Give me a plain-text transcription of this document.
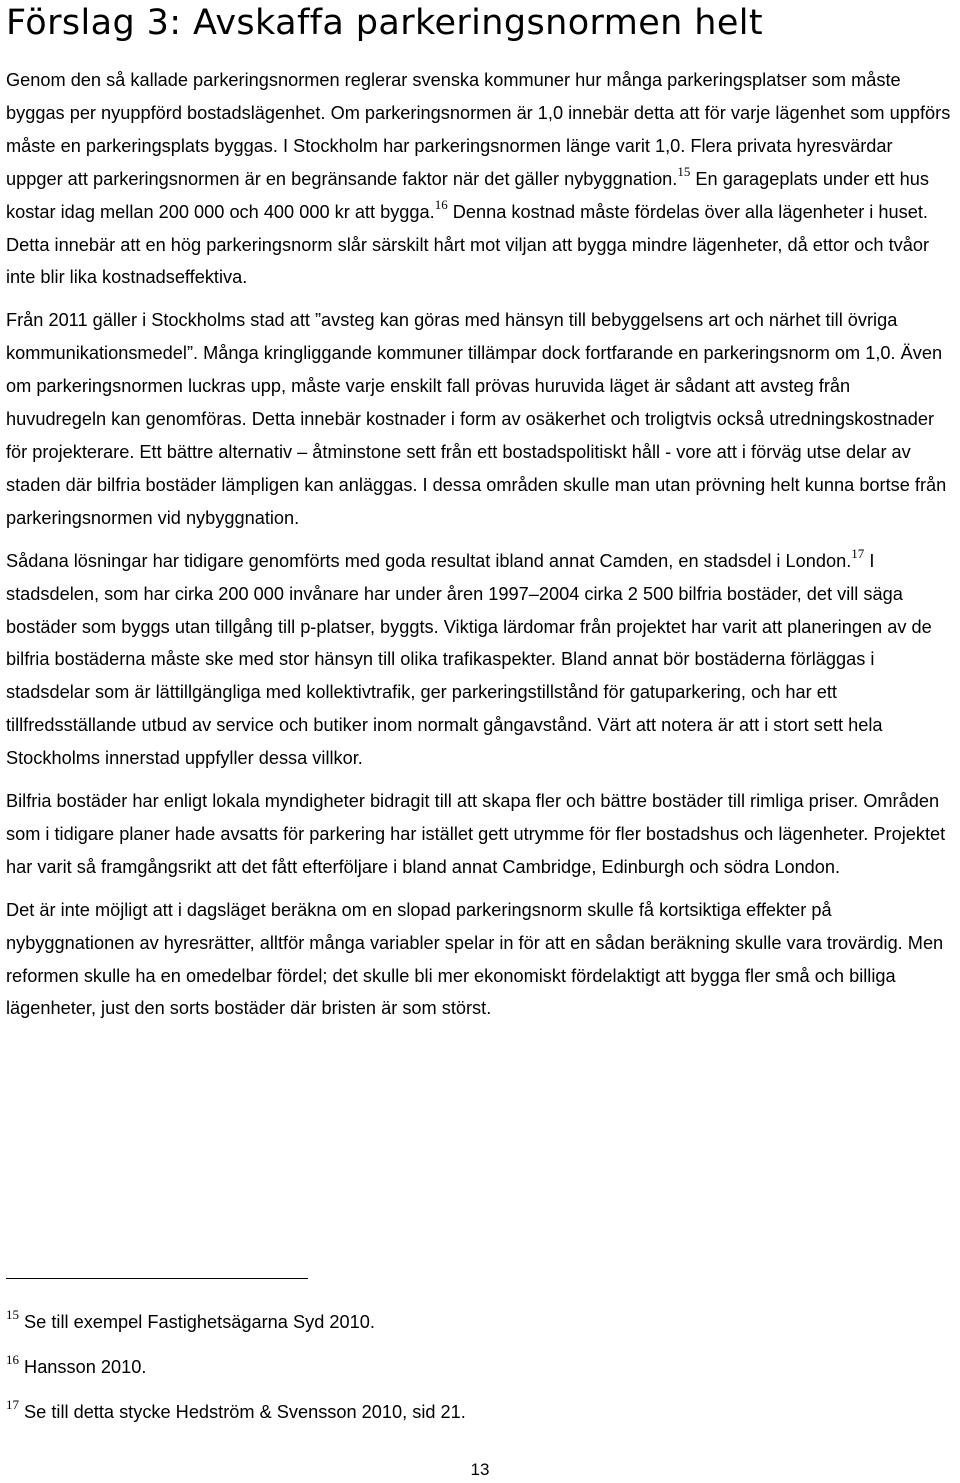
Förslag 3: Avskaffa parkeringsnormen helt

Genom den så kallade parkeringsnormen reglerar svenska kommuner hur många parkeringsplatser som måste byggas per nyuppförd bostadslägenhet. Om parkeringsnormen är 1,0 innebär detta att för varje lägenhet som uppförs måste en parkeringsplats byggas. I Stockholm har parkeringsnormen länge varit 1,0. Flera privata hyresvärdar uppger att parkeringsnormen är en begränsande faktor när det gäller nybyggnation.$^{15}$ En garageplats under ett hus kostar idag mellan 200 000 och 400 000 kr att bygga.$^{16}$ Denna kostnad måste fördelas över alla lägenheter i huset. Detta innebär att en hög parkeringsnorm slår särskilt hårt mot viljan att bygga mindre lägenheter, då ettor och tvåor inte blir lika kostnadseffektiva.

Från 2011 gäller i Stockholms stad att ”avsteg kan göras med hänsyn till bebyggelsens art och närhet till övriga kommunikationsmedel”. Många kringliggande kommuner tillämpar dock fortfarande en parkeringsnorm om 1,0. Även om parkeringsnormen luckras upp, måste varje enskilt fall prövas huruvida läget är sådant att avsteg från huvudregeln kan genomföras. Detta innebär kostnader i form av osäkerhet och troligtvis också utredningskostnader för projekterare. Ett bättre alternativ – åtminstone sett från ett bostadspolitiskt håll - vore att i förväg utse delar av staden där bilfria bostäder lämpligen kan anläggas. I dessa områden skulle man utan prövning helt kunna bortse från parkeringsnormen vid nybyggnation.

Sådana lösningar har tidigare genomförts med goda resultat ibland annat Camden, en stadsdel i London.$^{17}$ I stadsdelen, som har cirka 200 000 invånare har under åren 1997–2004 cirka 2 500 bilfria bostäder, det vill säga bostäder som byggs utan tillgång till p-platser, byggts. Viktiga lärdomar från projektet har varit att planeringen av de bilfria bostäderna måste ske med stor hänsyn till olika trafikaspekter. Bland annat bör bostäderna förläggas i stadsdelar som är lättillgängliga med kollektivtrafik, ger parkeringstillstånd för gatuparkering, och har ett tillfredsställande utbud av service och butiker inom normalt gångavstånd. Värt att notera är att i stort sett hela Stockholms innerstad uppfyller dessa villkor.

Bilfria bostäder har enligt lokala myndigheter bidragit till att skapa fler och bättre bostäder till rimliga priser. Områden som i tidigare planer hade avsatts för parkering har istället gett utrymme för fler bostadshus och lägenheter. Projektet har varit så framgångsrikt att det fått efterföljare i bland annat Cambridge, Edinburgh och södra London.

Det är inte möjligt att i dagsläget beräkna om en slopad parkeringsnorm skulle få kortsiktiga effekter på nybyggnationen av hyresrätter, alltför många variabler spelar in för att en sådan beräkning skulle vara trovärdig. Men reformen skulle ha en omedelbar fördel; det skulle bli mer ekonomiskt fördelaktigt att bygga fler små och billiga lägenheter, just den sorts bostäder där bristen är som störst.

$^{15}$ Se till exempel Fastighetsägarna Syd 2010.
$^{16}$ Hansson 2010.
$^{17}$ Se till detta stycke Hedström & Svensson 2010, sid 21.
13
